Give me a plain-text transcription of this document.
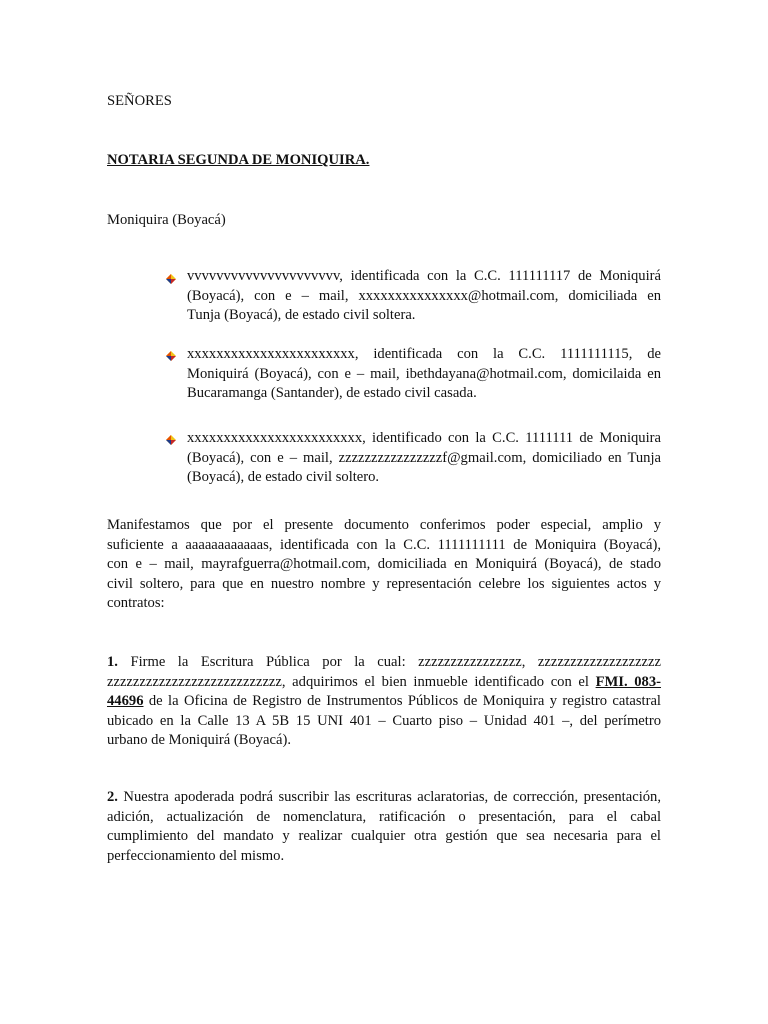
SEÑORES
NOTARIA SEGUNDA DE MONIQUIRA.
Moniquira (Boyacá)
vvvvvvvvvvvvvvvvvvvvv, identificada con la C.C. 111111117 de Moniquirá
(Boyacá), con e – mail, xxxxxxxxxxxxxxx@hotmail.com, domiciliada en
Tunja (Boyacá), de estado civil soltera.
xxxxxxxxxxxxxxxxxxxxxxx, identificada con la C.C. 1111111115, de
Moniquirá (Boyacá), con e – mail, ibethdayana@hotmail.com, domicilaida en
Bucaramanga (Santander), de estado civil casada.
xxxxxxxxxxxxxxxxxxxxxxxx, identificado con la C.C. 1111111 de Moniquira
(Boyacá), con e – mail, zzzzzzzzzzzzzzzzf@gmail.com, domiciliado en Tunja
(Boyacá), de estado civil soltero.
Manifestamos que por el presente documento conferimos poder especial, amplio y
suficiente a aaaaaaaaaaaas, identificada con la C.C. 1111111111 de Moniquira (Boyacá),
con e – mail, mayrafguerra@hotmail.com, domiciliada en Moniquirá (Boyacá), de stado
civil soltero, para que en nuestro nombre y representación celebre los siguientes actos y
contratos:
1. Firme la Escritura Pública por la cual: zzzzzzzzzzzzzzzz, zzzzzzzzzzzzzzzzzzz
zzzzzzzzzzzzzzzzzzzzzzzzzzz, adquirimos el bien inmueble identificado con el FMI. 083-
44696 de la Oficina de Registro de Instrumentos Públicos de Moniquira y registro catastral
ubicado en la Calle 13 A 5B 15 UNI 401 – Cuarto piso – Unidad 401 –, del perímetro
urbano de Moniquirá (Boyacá).
2. Nuestra apoderada podrá suscribir las escrituras aclaratorias, de corrección, presentación,
adición, actualización de nomenclatura, ratificación o presentación, para el cabal
cumplimiento del mandato y realizar cualquier otra gestión que sea necesaria para el
perfeccionamiento del mismo.
